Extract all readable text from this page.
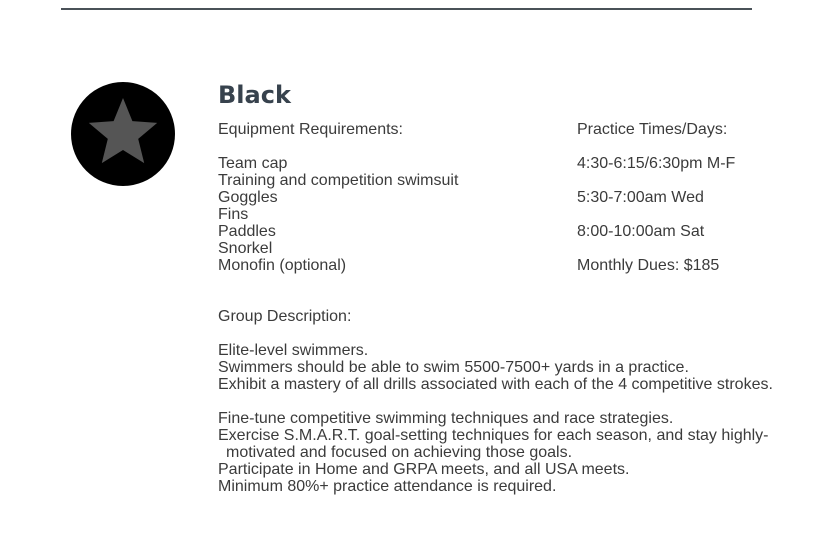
Black
Equipment Requirements:
Team cap
Training and competition swimsuit
Goggles
Fins
Paddles
Snorkel
Monofin (optional)
Practice Times/Days:
4:30-6:15/6:30pm M-F
5:30-7:00am Wed
8:00-10:00am Sat
Monthly Dues: $185

Group Description:

Elite-level swimmers.

Swimmers should be able to swim 5500-7500+ yards in a practice.

Exhibit a mastery of all drills associated with each of the 4 competitive strokes.

Fine-tune competitive swimming techniques and race strategies.

Exercise S.M.A.R.T. goal-setting techniques for each season, and stay highly-motivated and focused on achieving those goals.

Participate in Home and GRPA meets, and all USA meets.

Minimum 80%+ practice attendance is required.
